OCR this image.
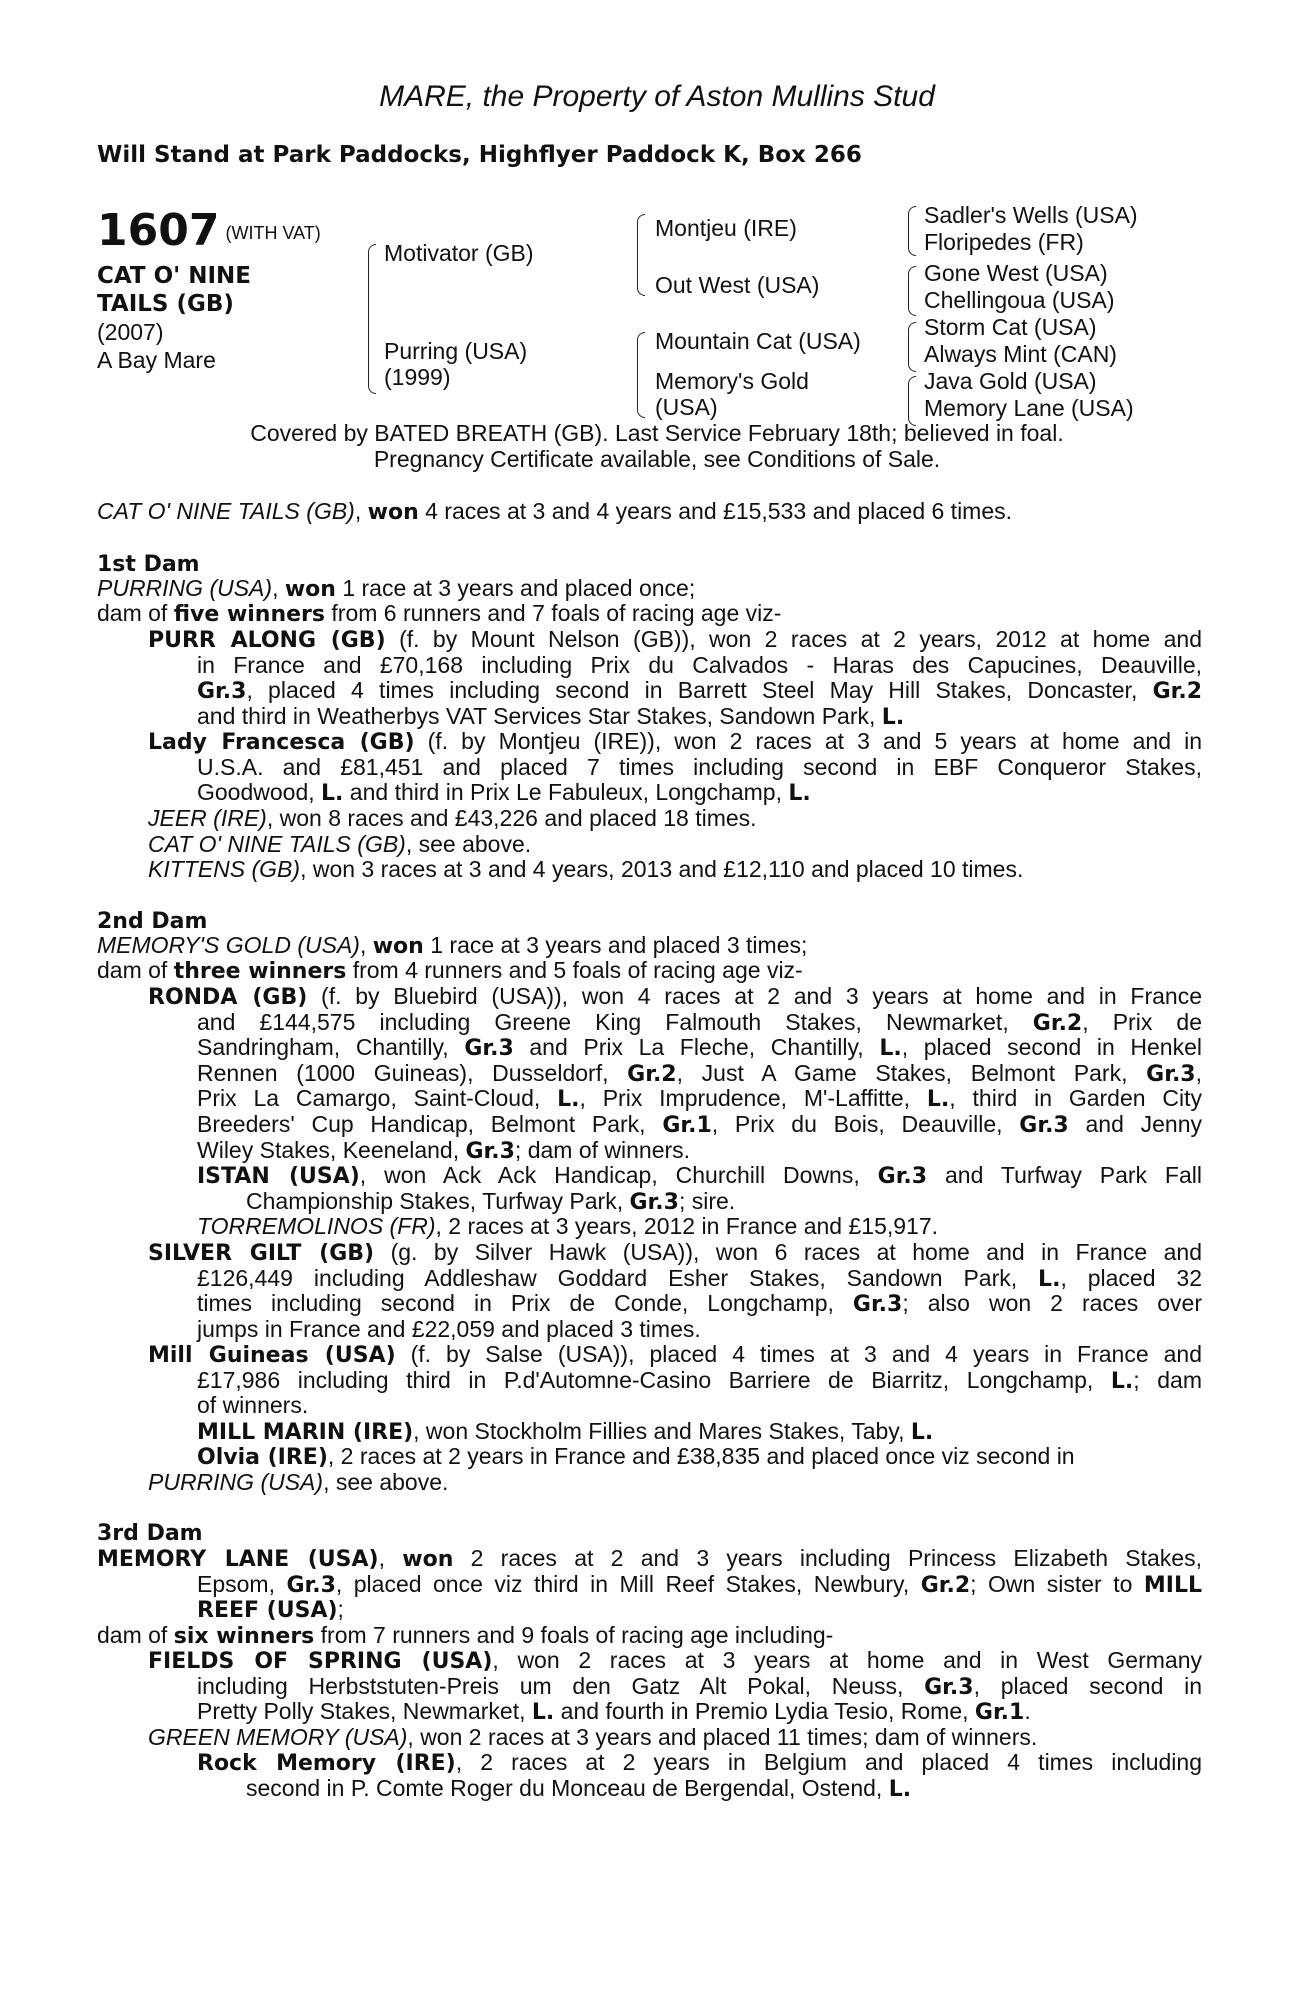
MARE, the Property of Aston Mullins Stud
Will Stand at Park Paddocks, Highflyer Paddock K, Box 266
1607 $^{(WITH VAT)}$
CAT O' NINE
TAILS (GB)
(2007)
A Bay Mare
Motivator (GB)
Purring (USA)
(1999)
Montjeu (IRE)
Out West (USA)
Mountain Cat (USA)
Memory's Gold
(USA)
Sadler's Wells (USA)
Floripedes (FR)
Gone West (USA)
Chellingoua (USA)
Storm Cat (USA)
Always Mint (CAN)
Java Gold (USA)
Memory Lane (USA)
Covered by BATED BREATH (GB). Last Service February 18th; believed in foal.
Pregnancy Certificate available, see Conditions of Sale.
CAT O' NINE TAILS (GB), won 4 races at 3 and 4 years and £15,533 and placed 6 times.
1st Dam
PURRING (USA), won 1 race at 3 years and placed once;
dam of five winners from 6 runners and 7 foals of racing age viz-
PURR ALONG (GB) (f. by Mount Nelson (GB)), won 2 races at 2 years, 2012 at home and
in France and £70,168 including Prix du Calvados - Haras des Capucines, Deauville,
Gr.3, placed 4 times including second in Barrett Steel May Hill Stakes, Doncaster, Gr.2
and third in Weatherbys VAT Services Star Stakes, Sandown Park, L.
Lady Francesca (GB) (f. by Montjeu (IRE)), won 2 races at 3 and 5 years at home and in
U.S.A. and £81,451 and placed 7 times including second in EBF Conqueror Stakes,
Goodwood, L. and third in Prix Le Fabuleux, Longchamp, L.
JEER (IRE), won 8 races and £43,226 and placed 18 times.
CAT O' NINE TAILS (GB), see above.
KITTENS (GB), won 3 races at 3 and 4 years, 2013 and £12,110 and placed 10 times.
2nd Dam
MEMORY'S GOLD (USA), won 1 race at 3 years and placed 3 times;
dam of three winners from 4 runners and 5 foals of racing age viz-
RONDA (GB) (f. by Bluebird (USA)), won 4 races at 2 and 3 years at home and in France
and £144,575 including Greene King Falmouth Stakes, Newmarket, Gr.2, Prix de
Sandringham, Chantilly, Gr.3 and Prix La Fleche, Chantilly, L., placed second in Henkel
Rennen (1000 Guineas), Dusseldorf, Gr.2, Just A Game Stakes, Belmont Park, Gr.3,
Prix La Camargo, Saint-Cloud, L., Prix Imprudence, M'-Laffitte, L., third in Garden City
Breeders' Cup Handicap, Belmont Park, Gr.1, Prix du Bois, Deauville, Gr.3 and Jenny
Wiley Stakes, Keeneland, Gr.3; dam of winners.
ISTAN (USA), won Ack Ack Handicap, Churchill Downs, Gr.3 and Turfway Park Fall
Championship Stakes, Turfway Park, Gr.3; sire.
TORREMOLINOS (FR), 2 races at 3 years, 2012 in France and £15,917.
SILVER GILT (GB) (g. by Silver Hawk (USA)), won 6 races at home and in France and
£126,449 including Addleshaw Goddard Esher Stakes, Sandown Park, L., placed 32
times including second in Prix de Conde, Longchamp, Gr.3; also won 2 races over
jumps in France and £22,059 and placed 3 times.
Mill Guineas (USA) (f. by Salse (USA)), placed 4 times at 3 and 4 years in France and
£17,986 including third in P.d'Automne-Casino Barriere de Biarritz, Longchamp, L.; dam
of winners.
MILL MARIN (IRE), won Stockholm Fillies and Mares Stakes, Taby, L.
Olvia (IRE), 2 races at 2 years in France and £38,835 and placed once viz second in
PURRING (USA), see above.
3rd Dam
MEMORY LANE (USA), won 2 races at 2 and 3 years including Princess Elizabeth Stakes,
Epsom, Gr.3, placed once viz third in Mill Reef Stakes, Newbury, Gr.2; Own sister to MILL
REEF (USA);
dam of six winners from 7 runners and 9 foals of racing age including-
FIELDS OF SPRING (USA), won 2 races at 3 years at home and in West Germany
including Herbststuten-Preis um den Gatz Alt Pokal, Neuss, Gr.3, placed second in
Pretty Polly Stakes, Newmarket, L. and fourth in Premio Lydia Tesio, Rome, Gr.1.
GREEN MEMORY (USA), won 2 races at 3 years and placed 11 times; dam of winners.
Rock Memory (IRE), 2 races at 2 years in Belgium and placed 4 times including
second in P. Comte Roger du Monceau de Bergendal, Ostend, L.
